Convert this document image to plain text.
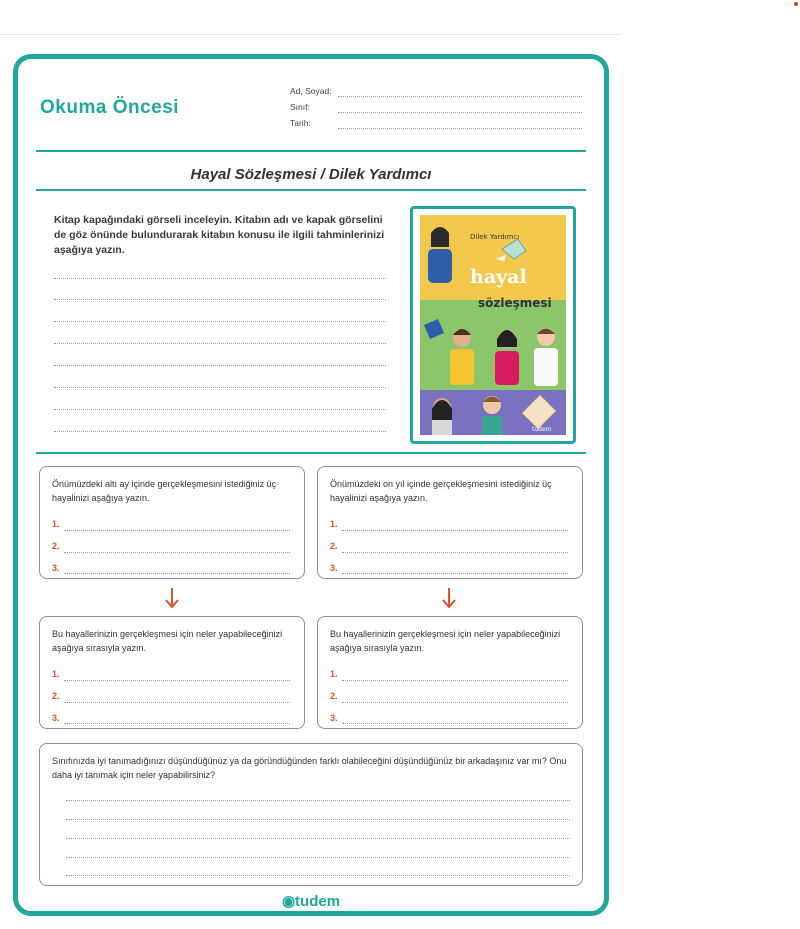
Okuma Öncesi
Ad, Soyad:
Sınıf:
Tarih:
Hayal Sözleşmesi / Dilek Yardımcı
Kitap kapağındaki görseli inceleyin. Kitabın adı ve kapak görselini de göz önünde bulundurarak kitabın konusu ile ilgili tahminlerinizi aşağıya yazın.
Dilek Yardımcı
hayal
sözleşmesi
tudem
Önümüzdeki altı ay içinde gerçekleşmesini istediğiniz üç hayalinizi aşağıya yazın.
1.
2.
3.
Önümüzdeki on yıl içinde gerçekleşmesini istediğiniz üç hayalinizi aşağıya yazın.
1.
2.
3.
Bu hayallerinizin gerçekleşmesi için neler yapabileceğinizi aşağıya sırasıyla yazın.
1.
2.
3.
Bu hayallerinizin gerçekleşmesi için neler yapabileceğinizi aşağıya sırasıyla yazın.
1.
2.
3.
Sınıfınızda iyi tanımadığınızı düşündüğünüz ya da göründüğünden farklı olabileceğini düşündüğünüz bir arkadaşınız var mı? Onu daha iyi tanımak için neler yapabilirsiniz?
◉tudem
